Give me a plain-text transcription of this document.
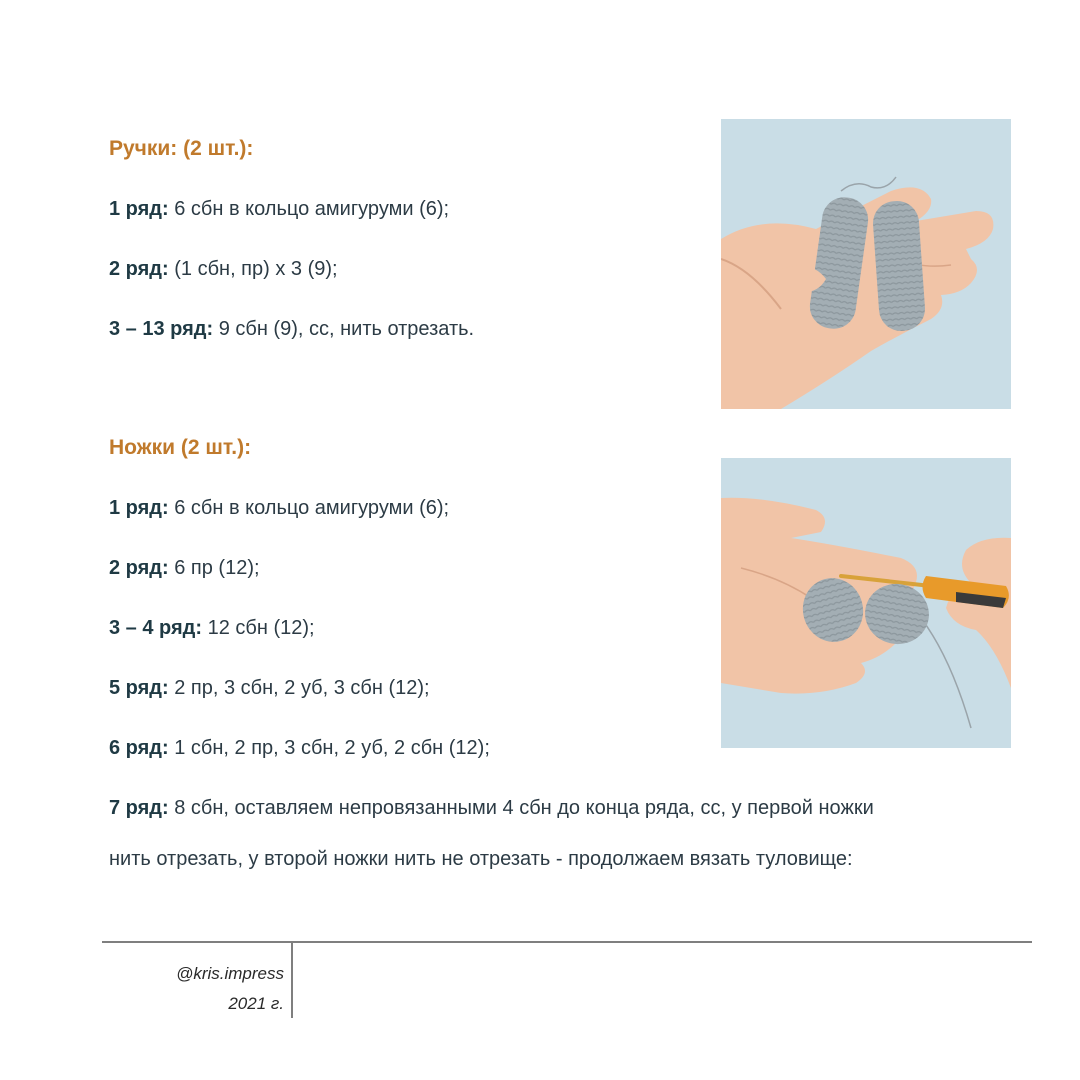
Ручки: (2 шт.):
1 ряд: 6 сбн в кольцо амигуруми (6);
2 ряд: (1 сбн, пр) х 3 (9);
3 – 13 ряд: 9 сбн (9), сс, нить отрезать.
Ножки (2 шт.):
1 ряд: 6 сбн в кольцо амигуруми (6);
2 ряд: 6 пр (12);
3 – 4 ряд: 12 сбн (12);
5 ряд: 2 пр, 3 сбн, 2 уб, 3 сбн (12);
6 ряд: 1 сбн, 2 пр, 3 сбн, 2 уб, 2 сбн (12);
7 ряд: 8 сбн, оставляем непровязанными 4 сбн до конца ряда, сс, у первой ножки
нить отрезать, у второй ножки нить не отрезать - продолжаем вязать туловище:
@kris.impress
2021 г.
